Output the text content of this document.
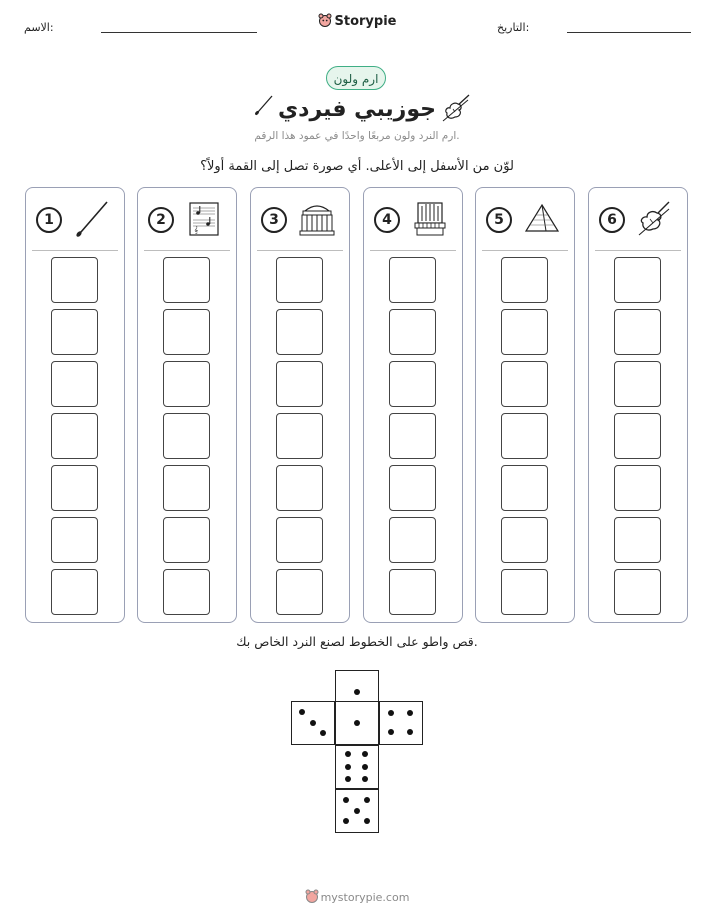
الاسم:	Storypie	التاريخ:
ارم ولون
جوزيبي فيردي
ارم النرد ولون مربعًا واحدًا في عمود هذا الرقم.
لوّن من الأسفل إلى الأعلى. أي صورة تصل إلى القمة أولاً؟
1	2
𝄞
3	4	5	6
قص واطو على الخطوط لصنع النرد الخاص بك.
mystorypie.com
